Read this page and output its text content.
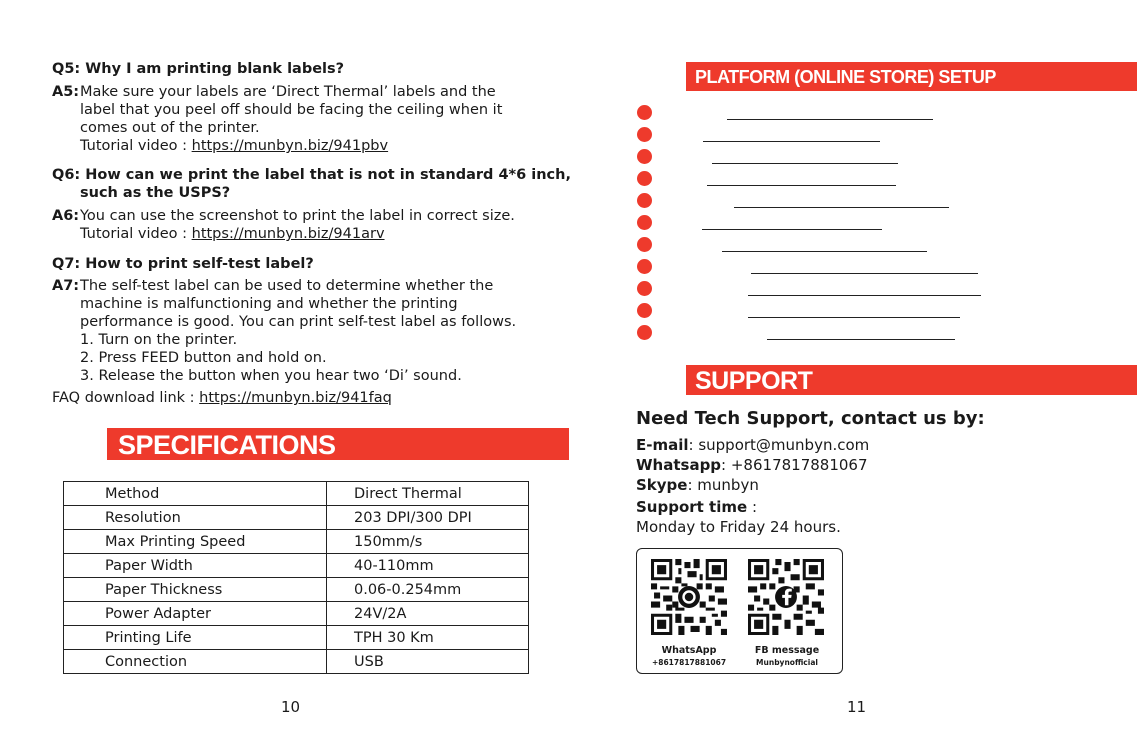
Q5: Why I am printing blank labels?
A5: Make sure your labels are ‘Direct Thermal’ labels and the
label that you peel off should be facing the ceiling when it
comes out of the printer.
Tutorial video : https://munbyn.biz/941pbv
Q6: How can we print the label that is not in standard 4*6 inch,
such as the USPS?
A6: You can use the screenshot to print the label in correct size.
Tutorial video : https://munbyn.biz/941arv
Q7: How to print self-test label?
A7: The self-test label can be used to determine whether the
machine is malfunctioning and whether the printing
performance is good. You can print self-test label as follows.
1. Turn on the printer.
2. Press FEED button and hold on.
3. Release the button when you hear two ‘Di’ sound.
FAQ download link : https://munbyn.biz/941faq
SPECIFICATIONS
Method	Direct Thermal
Resolution	203 DPI/300 DPI
Max Printing Speed	150mm/s
Paper Width	40-110mm
Paper Thickness	0.06-0.254mm
Power Adapter	24V/2A
Printing Life	TPH 30 Km
Connection	USB
10
PLATFORM (ONLINE STORE) SETUP
SUPPORT
Need Tech Support, contact us by:
E-mail: support@munbyn.com
Whatsapp: +8617817881067
Skype: munbyn
Support time :
Monday to Friday 24 hours.
WhatsApp
+8617817881067
FB message
Munbynofficial
11
